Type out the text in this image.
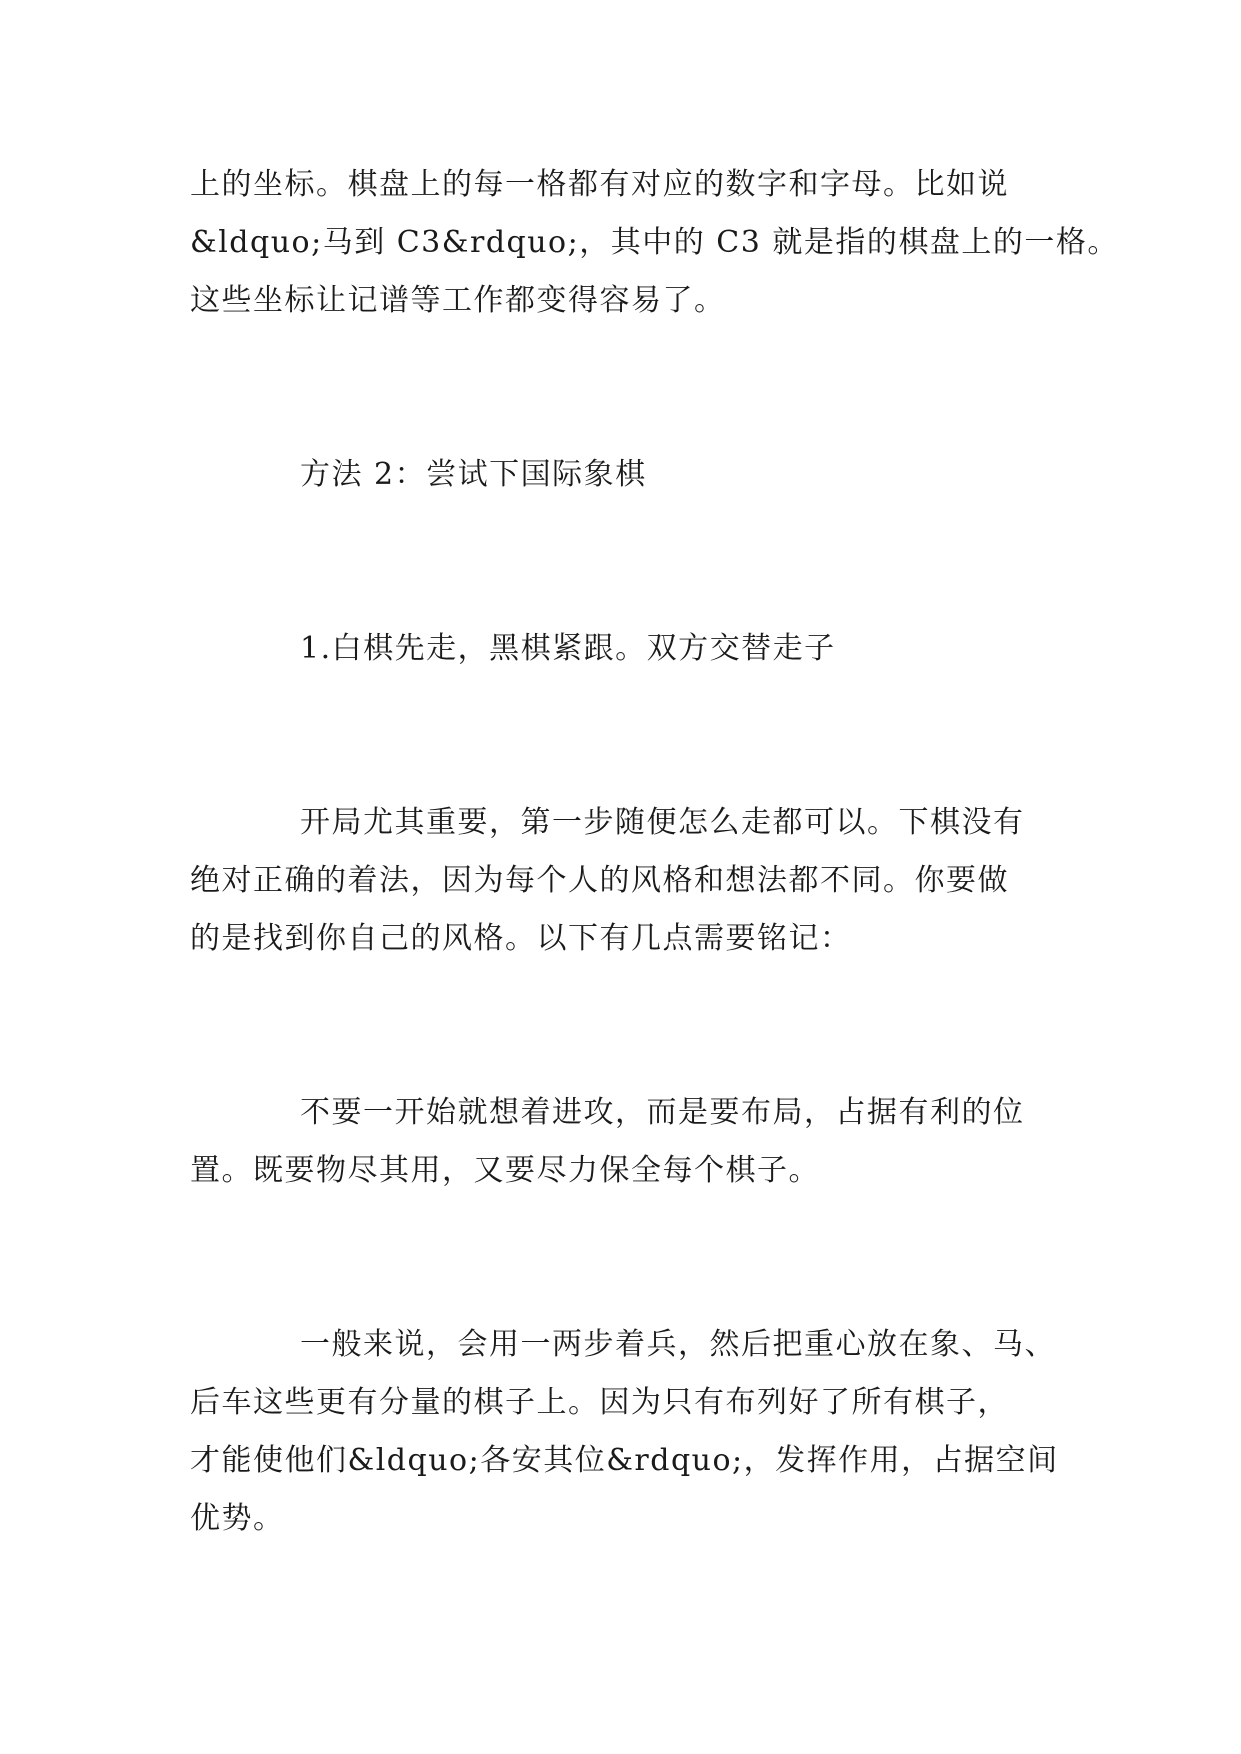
上的坐标。棋盘上的每一格都有对应的数字和字母。比如说
&ldquo;马到 C3&rdquo;，其中的 C3 就是指的棋盘上的一格。
这些坐标让记谱等工作都变得容易了。
方法 2：尝试下国际象棋
1.白棋先走，黑棋紧跟。双方交替走子
开局尤其重要，第一步随便怎么走都可以。下棋没有
绝对正确的着法，因为每个人的风格和想法都不同。你要做
的是找到你自己的风格。以下有几点需要铭记：
不要一开始就想着进攻，而是要布局，占据有利的位
置。既要物尽其用，又要尽力保全每个棋子。
一般来说，会用一两步着兵，然后把重心放在象、马、
后车这些更有分量的棋子上。因为只有布列好了所有棋子，
才能使他们&ldquo;各安其位&rdquo;，发挥作用，占据空间
优势。
